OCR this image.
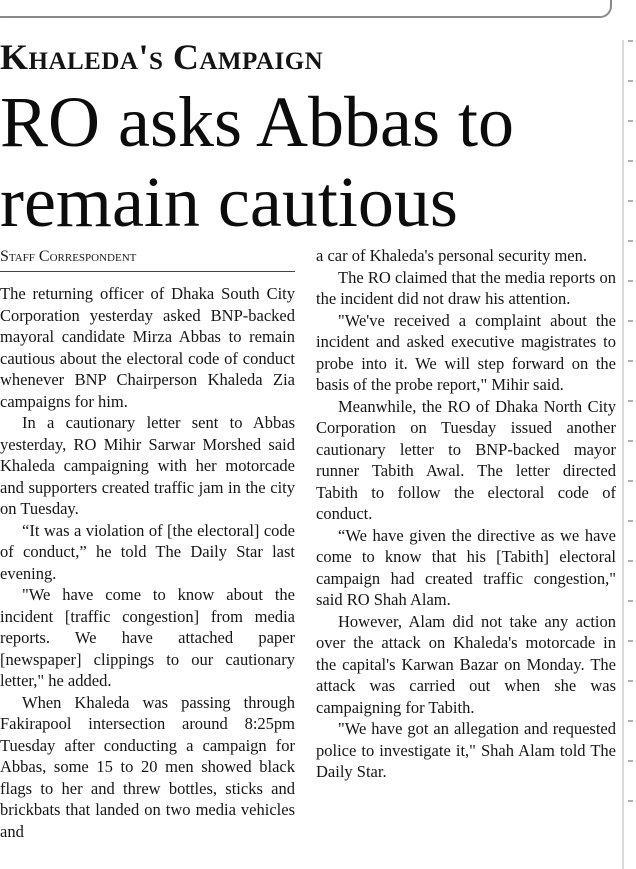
Khaleda's Campaign
RO asks Abbas to
remain cautious
Staff Correspondent

The returning officer of Dhaka South City Corporation yesterday asked BNP-backed mayoral candidate Mirza Abbas to remain cautious about the electoral code of conduct whenever BNP Chairperson Khaleda Zia campaigns for him.

In a cautionary letter sent to Abbas yesterday, RO Mihir Sarwar Morshed said Khaleda campaigning with her motorcade and supporters created traffic jam in the city on Tuesday.

“It was a violation of [the electoral] code of conduct,” he told The Daily Star last evening.

"We have come to know about the incident [traffic congestion] from media reports. We have attached paper [newspaper] clippings to our cautionary letter," he added.

When Khaleda was passing through Fakirapool intersection around 8:25pm Tuesday after conducting a campaign for Abbas, some 15 to 20 men showed black flags to her and threw bottles, sticks and brickbats that landed on two media vehicles and

a car of Khaleda's personal security men.

The RO claimed that the media reports on the incident did not draw his attention.

"We've received a complaint about the incident and asked executive magistrates to probe into it. We will step forward on the basis of the probe report," Mihir said.

Meanwhile, the RO of Dhaka North City Corporation on Tuesday issued another cautionary letter to BNP-backed mayor runner Tabith Awal. The letter directed Tabith to follow the electoral code of conduct.

“We have given the directive as we have come to know that his [Tabith] electoral campaign had created traffic congestion," said RO Shah Alam.

However, Alam did not take any action over the attack on Khaleda's motorcade in the capital's Karwan Bazar on Monday. The attack was carried out when she was campaigning for Tabith.

"We have got an allegation and requested police to investigate it," Shah Alam told The Daily Star.
